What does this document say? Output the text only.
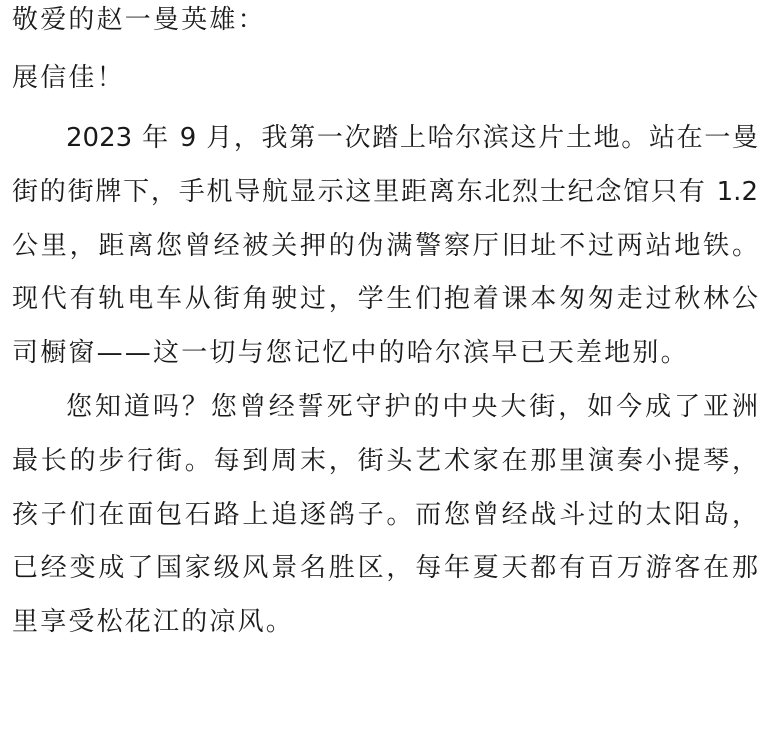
敬爱的赵一曼英雄：
展信佳！
2023 年 9 月，我第一次踏上哈尔滨这片土地。站在一曼
街的街牌下，手机导航显示这里距离东北烈士纪念馆只有 1.2
公里，距离您曾经被关押的伪满警察厅旧址不过两站地铁。
现代有轨电车从街角驶过，学生们抱着课本匆匆走过秋林公
司橱窗——这一切与您记忆中的哈尔滨早已天差地别。
您知道吗？您曾经誓死守护的中央大街，如今成了亚洲
最长的步行街。每到周末，街头艺术家在那里演奏小提琴，
孩子们在面包石路上追逐鸽子。而您曾经战斗过的太阳岛，
已经变成了国家级风景名胜区，每年夏天都有百万游客在那
里享受松花江的凉风。
